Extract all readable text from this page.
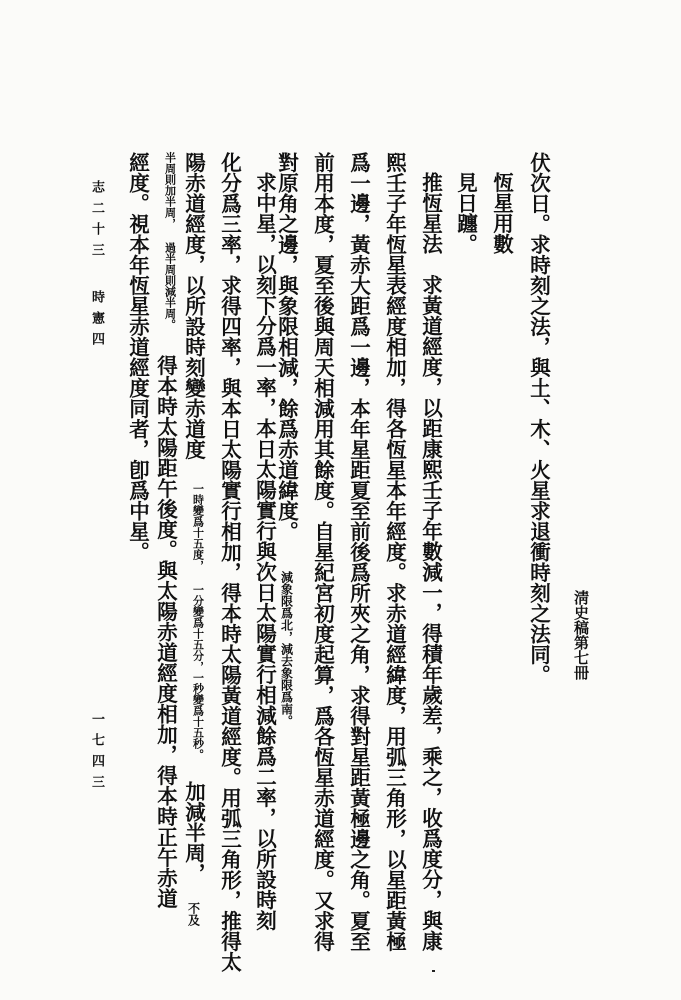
淸史稿第七冊
伏次日。求時刻之法，與土、木、火星求退衝時刻之法同。
恆星用數
見日躔。
推恆星法　求黃道經度，以距康熙壬子年數減一，得積年歲差，乘之，收爲度分，與康
熙壬子年恆星表經度相加，得各恆星本年經度。求赤道經緯度，用弧三角形，以星距黃極
爲一邊，黃赤大距爲一邊，本年星距夏至前後爲所夾之角，求得對星距黃極邊之角。夏至
前用本度，夏至後與周天相減用其餘度。自星紀宮初度起算，爲各恆星赤道經度。又求得
對原角之邊，與象限相減，餘爲赤道緯度。 減象限爲北，減去象限爲南。
求中星，以刻下分爲一率，本日太陽實行與次日太陽實行相減餘爲二率，以所設時刻
化分爲三率，求得四率，與本日太陽實行相加，得本時太陽黃道經度。用弧三角形，推得太
陽赤道經度，以所設時刻變赤道度 一時變爲十五度， 一分變爲十五分，一秒變爲十五秒。 加減半周， 不及
半周則加半周， 過半周則減半周。 得本時太陽距午後度。與太陽赤道經度相加，得本時正午赤道
經度。視本年恆星赤道經度同者，卽爲中星。
志二十三
時憲四
一七四三
